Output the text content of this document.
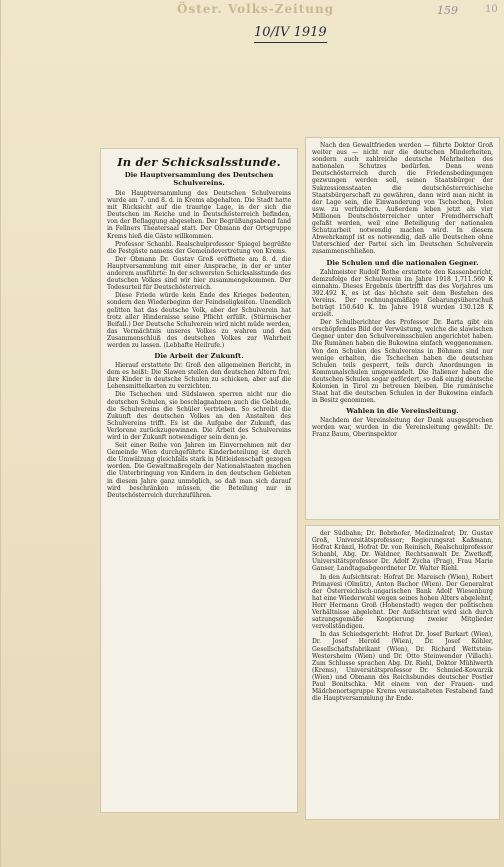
Öster. Volks-Zeitung
10/IV 1919
159	10
In der Schicksalsstunde.
Die Hauptversammlung des Deutschen Schulvereins.

Die Hauptversammlung des Deutschen Schulvereins wurde am 7. und 8. d. in Krems abgehalten. Die Stadt hatte mit Rücksicht auf die traurige Lage, in der sich die Deutschen im Reiche und in Deutschösterreich befinden, von der Beflaggung abgesehen. Der Begrüßungsabend fand in Fellners Theatersaal statt. Der Obmann der Ortsgruppe Krems hieß die Gäste willkommen.

Professor Schanbl. Realschulprofessor Spiegel begrüßte die Festgäste namens der Gemeindevertretung von Krems.

Der Obmann Dr. Gustav Groß eröffnete am 8. d. die Hauptversammlung mit einer Ansprache, in der er unter anderem ausführte: In der schwersten Schicksalsstunde des deutschen Volkes sind wir hier zusammengekommen. Der Todesurteil für Deutschösterreich.

Diese Friede würde kein Ende des Krieges bedeuten, sondern den Wiederbeginn der Feindseligkeiten. Unendlich gelitten hat das deutsche Volk, aber der Schulverein hat trotz aller Hindernisse seine Pflicht erfüllt. (Stürmischer Beifall.) Der Deutsche Schulverein wird nicht müde werden, das Vermächtnis unseres Volkes zu wahren und den Zusammenschluß des deutschen Volkes zur Wahrheit werden zu lassen. (Lebhafte Heilrufe.)

Die Arbeit der Zukunft.

Hierauf erstattete Dr. Groß den allgemeinen Bericht, in dem es heißt: Die Slawen stellen den deutschen Altern frei, ihre Kinder in deutsche Schulen zu schicken, aber auf die Lebensmittelkarten zu verzichten.

Die Tschechen und Südslawen sperren nicht nur die deutschen Schulen, sie beschlagnahmen auch die Gebäude, die Schulvereins die Schüler vertrieben. So schreibt die Zukunft des deutschen Volkes an den Anstalten des Schulvereins trifft. Es ist die Aufgabe der Zukunft, das Verlorene zurückzugewinnen. Die Arbeit des Schulvereins wird in der Zukunft notwendiger sein denn je.

Seit einer Reihe von Jahren im Einvernehmen mit der Gemeinde Wien durchgeführte Kinderbeteilung ist durch die Umwälzung gleichfalls stark in Mitleidenschaft gezogen worden. Die Gewaltmaßregeln der Nationalstaaten machen die Unterbringung von Kindern in den deutschen Gebieten in diesem Jahre ganz unmöglich, so daß man sich darauf wird beschränken müssen, die Beteilung nur in Deutschösterreich durchzuführen.

Nach den Gewaltfrieden werden — führte Doktor Groß weiter aus — nicht nur die deutschen Minderheiten, sondern auch zahlreiche deutsche Mehrheiten des nationalen Schutzes bedürfen. Denn wenn Deutschösterreich durch die Friedensbedingungen gezwungen werden soll, seinen Staatsbürger der Sukzessionsstaaten die deutschösterreichische Staatsbürgerschaft zu gewähren, dann wird man nicht in der Lage sein, die Einwanderung von Tschechen, Polen usw. zu verhindern. Außerdem leben jetzt als vier Millionen Deutschösterreicher unter Fremdherrschaft gefaßt werden, weil eine Beteiligung der nationalen Schutzarbeit notwendig machen wird. In diesem Abwehrkampf ist es notwendig, daß alle Deutschen ohne Unterschied der Partei sich im Deutschen Schulverein zusammenschließen.

Die Schulen und die nationalen Gegner.

Zahlmeister Rudolf Rothe erstattete den Kassenbericht, demzufolge der Schulverein im Jahre 1918 1,711.560 K einnahm. Dieses Ergebnis übertrifft das des Vorjahres um 392.492 K, es ist das höchste seit dem Bestehen des Vereins. Der rechnungsmäßige Gebarungsüberschuß beträgt 150.640 K. Im Jahre 1918 wurden 130.128 K erzielt.

Der Schulberichter des Professor Dr. Barta gibt ein erschöpfendes Bild der Verwüstung, welche die slawischen Gegner unter den Schulvereinsschulen angerichtet haben. Die Rumänen haben die Bukowina einfach weggenommen. Von den Schulen des Schulvereins in Böhmen sind nur wenige erhalten, die Tschechen haben die deutschen Schulen teils gesperrt, teils durch Anordnungen in Kommunalschulen umgewandelt. Die Italiener haben die deutschen Schulen sogar gefördert, so daß einzig deutsche Kolonien in Tirol zu betreuen bleiben. Die rumänische Staat hat die deutschen Schulen in der Bukowina einfach in Besitz genommen.

Wahlen in die Vereinsleitung.

Nachdem der Vereinsleitung der Dank ausgesprochen worden war, wurden in die Vereinsleitung gewählt: Dr. Franz Baum, Oberinspektor

der Südbahn; Dr. Bobrhofer, Medizinalrat; Dr. Gustav Groß, Universitätsprofessor; Regierungsrat Kaßmann, Hofrat Kränzl, Hofrat Dr. von Reinisch, Realschulprofessor Schanbl, Abg. Dr. Waldner, Rechtsanwalt Dr. Zwetkoff, Universitätsprofessor Dr. Adolf Zycha (Prag), Frau Marie Ganser, Landtagsabgeordneter Dr. Walter Riehl.

In den Aufsichtsrat: Hofrat Dr. Mareisch (Wien), Robert Primavesi (Olmütz), Anton Bachor (Wien). Der Generalrat der Österreichisch-ungarischen Bank Adolf Wiesenburg hat eine Wiederwahl wegen seines hohen Alters abgelehnt, Herr Hermann Groß (Hohenstadt) wegen der politischen Verhältnisse abgelehnt. Der Aufsichtsrat wird sich durch satzungsgemäße Kooptierung zweier Mitglieder vervollständigen.

In das Schiedsgericht: Hofrat Dr. Josef Burkart (Wien), Dr. Josef Herold (Wien), Dr. Josef Köhler, Gesellschaftsfabrikant (Wien), Dr. Richard Wettstein-Westersheim (Wien) und Dr. Otto Steinwender (Villach). Zum Schlusse sprachen Abg. Dr. Riehl, Doktor Mühlwerth (Krems), Universitätsprofessor Dr. Schmied-Kowarzik (Wien) und Obmann des Reichsbundes deutscher Postler Paul Bonitschka. Mit einem von der Frauen- und Mädchenortsgruppe Krems veranstalteten Festabend fand die Hauptversammlung ihr Ende.
